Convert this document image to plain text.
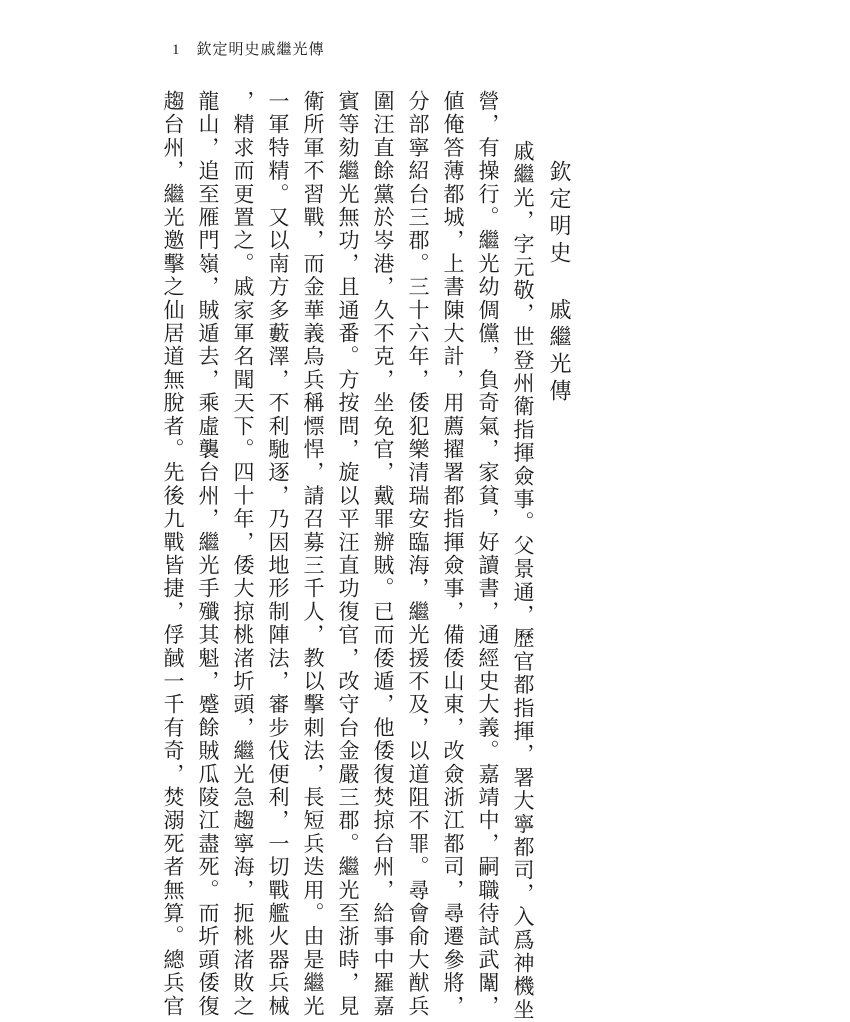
1 欽定明史戚繼光傳
欽定明史戚繼光傳
戚繼光，字元敬，世登州衛指揮僉事。父景通，歷官都指揮，署大寧都司，入爲神機坐
營，有操行。繼光幼倜儻，負奇氣，家貧，好讀書，通經史大義。嘉靖中，嗣職待試武闈，
値俺答薄都城，上書陳大計，用薦擢署都指揮僉事，備倭山東，改僉浙江都司，尋遷參將，
分部寧紹台三郡。三十六年，倭犯樂清瑞安臨海，繼光援不及，以道阻不罪。尋會俞大猷兵
圍汪直餘黨於岑港，久不克，坐免官，戴罪辦賊。已而倭遁，他倭復焚掠台州，給事中羅嘉
賓等劾繼光無功，且通番。方按問，旋以平汪直功復官，改守台金嚴三郡。繼光至浙時，見
衛所軍不習戰，而金華義烏兵稱慓悍，請召募三千人，教以擊刺法，長短兵迭用。由是繼光
一軍特精。又以南方多藪澤，不利馳逐，乃因地形制陣法，審步伐便利，一切戰艦火器兵械
，精求而更置之。戚家軍名聞天下。四十年，倭大掠桃渚圻頭，繼光急趨寧海，扼桃渚敗之
龍山，追至雁門嶺，賊遁去，乘虛襲台州，繼光手殲其魁，蹙餘賊瓜陵江盡死。而圻頭倭復
趨台州，繼光邀擊之仙居道無脫者。先後九戰皆捷，俘馘一千有奇，焚溺死者無算。總兵官
